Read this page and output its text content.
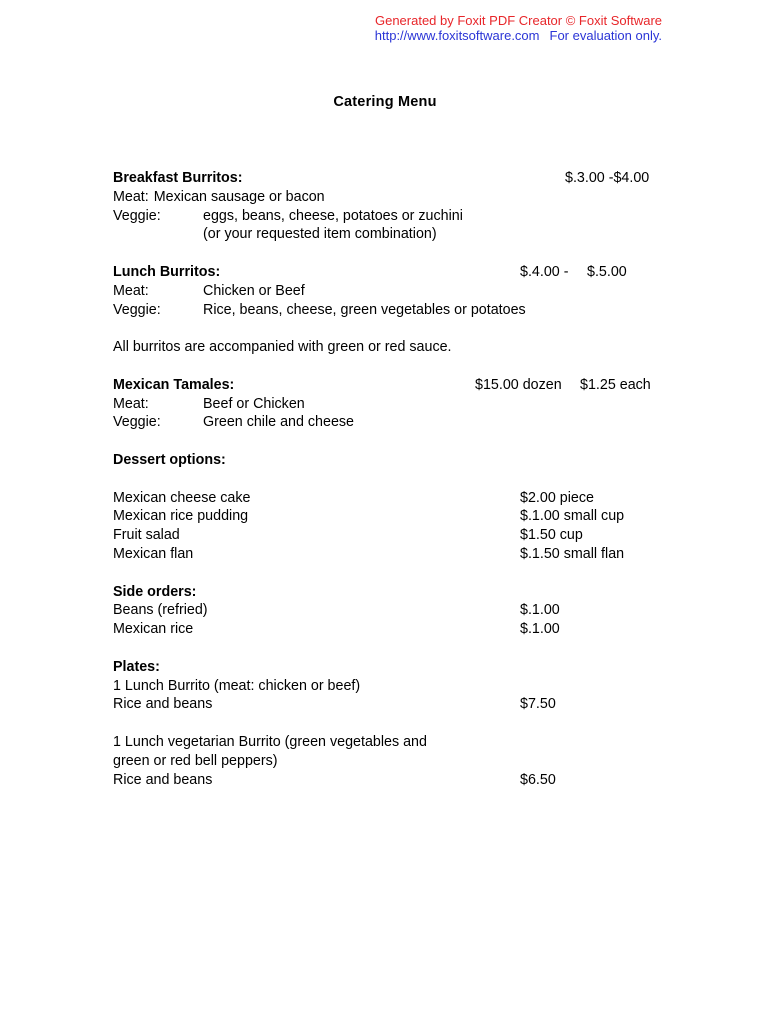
Generated by Foxit PDF Creator © Foxit Software
http://www.foxitsoftware.com For evaluation only.
Catering Menu
Breakfast Burritos:	$.3.00 -$4.00
Meat: Mexican sausage or bacon
Veggie:	eggs, beans, cheese, potatoes or zuchini
(or your requested item combination)
Lunch Burritos:	$.4.00 - $.5.00
Meat:	Chicken or Beef
Veggie:	Rice, beans, cheese, green vegetables or potatoes
All burritos are accompanied with green or red sauce.
Mexican Tamales:	$15.00 dozen $1.25 each
Meat:	Beef or Chicken
Veggie:	Green chile and cheese
Dessert options:
Mexican cheese cake	$2.00 piece
Mexican rice pudding	$.1.00 small cup
Fruit salad	$1.50 cup
Mexican flan	$.1.50 small flan
Side orders:
Beans (refried)	$.1.00
Mexican rice	$.1.00
Plates:
1 Lunch Burrito (meat: chicken or beef)
Rice and beans	$7.50
1 Lunch vegetarian Burrito (green vegetables and
green or red bell peppers)
Rice and beans	$6.50
